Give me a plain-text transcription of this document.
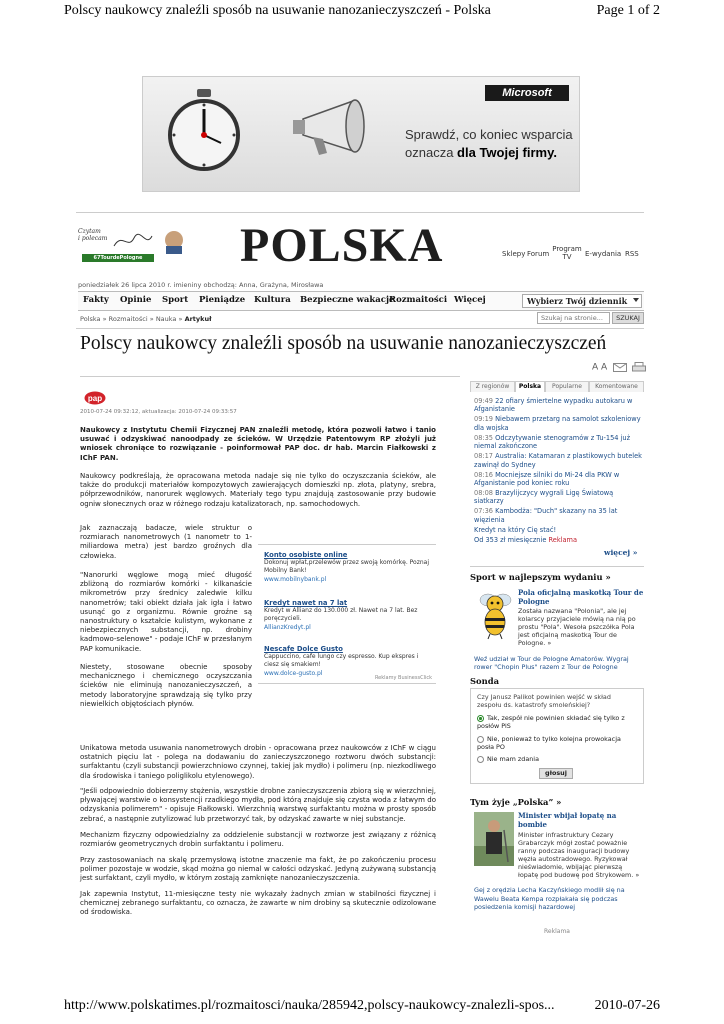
Polscy naukowcy znaleźli sposób na usuwanie nanozanieczyszczeń - Polska	Page 1 of 2
Microsoft
Sprawdź, co koniec wsparcia
oznacza dla Twojej firmy.
Czytam
i polecam
67TourdePologne POLSKA	Sklepy Forum
Program TV	E-wydania RSS
poniedziałek 26 lipca 2010 r. imieniny obchodzą: Anna, Grażyna, Mirosława
Fakty Opinie Sport Pieniądze Kultura Bezpieczne wakacje
Rozmaitości Więcej	Wybierz Twój dziennik
Polska » Rozmaitości » Nauka » Artykuł
Szukaj na stronie...	SZUKAJ
Polscy naukowcy znaleźli sposób na usuwanie nanozanieczyszczeń
A A
pap
2010-07-24 09:32:12, aktualizacja: 2010-07-24 09:33:57

Naukowcy z Instytutu Chemii Fizycznej PAN znaleźli metodę, która pozwoli łatwo i tanio usuwać i odzyskiwać nanoodpady ze ścieków. W Urzędzie Patentowym RP złożyli już wniosek chroniące to rozwiązanie - poinformował PAP doc. dr hab. Marcin Fiałkowski z IChF PAN.

Naukowcy podkreślają, że opracowana metoda nadaje się nie tylko do oczyszczania ścieków, ale także do produkcji materiałów kompozytowych zawierających domieszki np. złota, platyny, srebra, półprzewodników, nanorurek węglowych. Materiały tego typu znajdują zastosowanie przy budowie ogniw słonecznych oraz w różnego rodzaju katalizatorach, np. samochodowych.

Jak zaznaczają badacze, wiele struktur o rozmiarach nanometrowych (1 nanometr to 1-miliardowa metra) jest bardzo groźnych dla człowieka.

"Nanorurki węglowe mogą mieć długość zbliżoną do rozmiarów komórki - kilkanaście mikrometrów przy średnicy zaledwie kilku nanometrów; taki obiekt działa jak igła i łatwo usunąć go z organizmu. Równie groźne są nanostruktury o kształcie kulistym, wykonane z niebezpiecznych substancji, np. drobiny kadmowo-selenowe" - podaje IChF w przesłanym PAP komunikacie.

Niestety, stosowane obecnie sposoby mechanicznego i chemicznego oczyszczania ścieków nie eliminują nanozanieczyszczeń, a metody laboratoryjne sprawdzają się tylko przy niewielkich objętościach płynów.

Konto osobiste online
Dokonuj wpłat,przelewów przez swoją komórkę. Poznaj Mobilny Bank!
www.mobilnybank.pl
Kredyt nawet na 7 lat
Kredyt w Allianz do 130.000 zł. Nawet na 7 lat. Bez poręczycieli.
AllianzKredyt.pl
Nescafe Dolce Gusto
Cappuccino, cafe lungo czy espresso. Kup ekspres i ciesz się smakiem!
www.dolce-gusto.pl
Reklamy BusinessClick

Unikatowa metoda usuwania nanometrowych drobin - opracowana przez naukowców z IChF w ciągu ostatnich pięciu lat - polega na dodawaniu do zanieczyszczonego roztworu dwóch substancji: surfaktantu (czyli substancji powierzchniowo czynnej, takiej jak mydło) i polimeru (np. niezkodliwego dla środowiska i taniego poliglikolu etylenowego).

"Jeśli odpowiednio dobierzemy stężenia, wszystkie drobne zanieczyszczenia zbiorą się w wierzchniej, pływającej warstwie o konsystencji rzadkiego mydła, pod którą znajduje się czysta woda z łatwym do odzyskania polimerem" - opisuje Fiałkowski. Wierzchnią warstwę surfaktantu można w prosty sposób zebrać, a następnie zutylizować lub przetworzyć tak, by odzyskać zawarte w niej substancje.

Mechanizm fizyczny odpowiedzialny za oddzielenie substancji w roztworze jest związany z różnicą rozmiarów geometrycznych drobin surfaktantu i polimeru.

Przy zastosowaniach na skalę przemysłową istotne znaczenie ma fakt, że po zakończeniu procesu polimer pozostaje w wodzie, skąd można go niemal w całości odzyskać. Jedyną zużywaną substancją jest surfaktant, czyli mydło, w którym zostają zamknięte nanozanieczyszczenia.

Jak zapewnia Instytut, 11-miesięczne testy nie wykazały żadnych zmian w stabilności fizycznej i chemicznej zebranego surfaktantu, co oznacza, że zawarte w nim drobiny są skutecznie odizolowane od środowiska.

Z regionów	Polska	Popularne	Komentowane
09:49 22 ofiary śmiertelne wypadku autokaru w Afganistanie
09:19 Niebawem przetarg na samolot szkoleniowy dla wojska
08:35 Odczytywanie stenogramów z Tu-154 już niemal zakończone
08:17 Australia: Katamaran z plastikowych butelek zawinął do Sydney
08:16 Mocniejsze silniki do Mi-24 dla PKW w Afganistanie pod koniec roku
08:08 Brazylijczycy wygrali Ligę Światową siatkarzy
07:36 Kambodża: "Duch" skazany na 35 lat więzienia
Kredyt na który Cię stać!
Od 353 zł miesięcznie Reklama
więcej »
Sport w najlepszym wydaniu »
Pola oficjalną maskotką Tour de Pologne
Została nazwana "Polonia", ale jej kolarscy przyjaciele mówią na nią po prostu "Pola". Wesoła pszczółka Pola jest oficjalną maskotką Tour de Pologne. »
Weź udział w Tour de Pologne Amatorów. Wygraj rower "Chopin Plus" razem z Tour de Pologne
Sonda
Czy Janusz Palikot powinien wejść w skład zespołu ds. katastrofy smoleńskiej?
Tak, zespół nie powinien składać się tylko z posłów PiS
Nie, ponieważ to tylko kolejna prowokacja posła PO
Nie mam zdania
głosuj
Tym żyje „Polska” »
Minister wbijał łopatę na bombie
Minister infrastruktury Cezary Grabarczyk mógł zostać poważnie ranny podczas inauguracji budowy węzła autostradowego. Ryzykował nieświadomie, wbijając pierwszą łopatę pod budowę pod Strykowem. »
Gej z orędzia Lecha Kaczyńskiego modlił się na Wawelu Beata Kempa rozpłakała się podczas posiedzenia komisji hazardowej
Reklama
http://www.polskatimes.pl/rozmaitosci/nauka/285942,polscy-naukowcy-znalezli-spos...	2010-07-26
